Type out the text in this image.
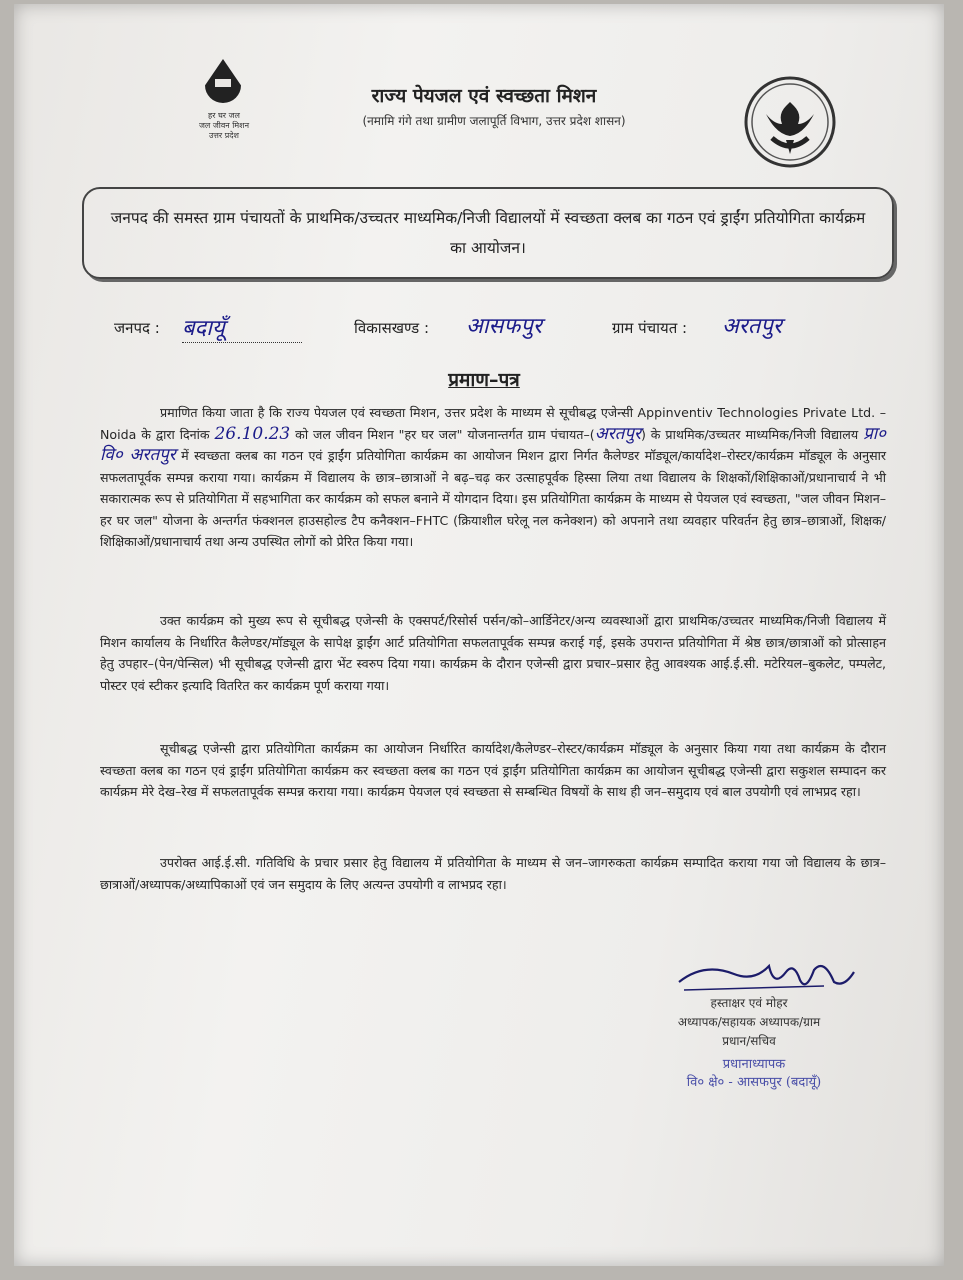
हर घर जल
जल जीवन मिशन
उत्तर प्रदेश
राज्य पेयजल एवं स्वच्छता मिशन
(नमामि गंगे तथा ग्रामीण जलापूर्ति विभाग, उत्तर प्रदेश शासन)
जनपद की समस्त ग्राम पंचायतों के प्राथमिक/उच्चतर माध्यमिक/निजी विद्यालयों में स्वच्छता क्लब का गठन एवं ड्राईंग प्रतियोगिता कार्यक्रम का आयोजन।
जनपद : बदायूँ	विकासखण्ड : आसफपुर	ग्राम पंचायत : अरतपुर
प्रमाण–पत्र
प्रमाणित किया जाता है कि राज्य पेयजल एवं स्वच्छता मिशन, उत्तर प्रदेश के माध्यम से सूचीबद्ध एजेन्सी Appinventiv Technologies Private Ltd. – Noida के द्वारा दिनांक 26.10.23 को जल जीवन मिशन "हर घर जल" योजनान्तर्गत ग्राम पंचायत–(अरतपुर) के प्राथमिक/उच्चतर माध्यमिक/निजी विद्यालय प्रा० वि० अरतपुर में स्वच्छता क्लब का गठन एवं ड्राईंग प्रतियोगिता कार्यक्रम का आयोजन मिशन द्वारा निर्गत कैलेण्डर मॉड्यूल/कार्यादेश–रोस्टर/कार्यक्रम मॉड्यूल के अनुसार सफलतापूर्वक सम्पन्न कराया गया। कार्यक्रम में विद्यालय के छात्र–छात्राओं ने बढ़–चढ़ कर उत्साहपूर्वक हिस्सा लिया तथा विद्यालय के शिक्षकों/शिक्षिकाओं/प्रधानाचार्य ने भी सकारात्मक रूप से प्रतियोगिता में सहभागिता कर कार्यक्रम को सफल बनाने में योगदान दिया। इस प्रतियोगिता कार्यक्रम के माध्यम से पेयजल एवं स्वच्छता, "जल जीवन मिशन–हर घर जल" योजना के अन्तर्गत फंक्शनल हाउसहोल्ड टैप कनैक्शन–FHTC (क्रियाशील घरेलू नल कनेक्शन) को अपनाने तथा व्यवहार परिवर्तन हेतु छात्र–छात्राओं, शिक्षक/शिक्षिकाओं/प्रधानाचार्य तथा अन्य उपस्थित लोगों को प्रेरित किया गया।
उक्त कार्यक्रम को मुख्य रूप से सूचीबद्ध एजेन्सी के एक्सपर्ट/रिसोर्स पर्सन/को–आर्डिनेटर/अन्य व्यवस्थाओं द्वारा प्राथमिक/उच्चतर माध्यमिक/निजी विद्यालय में मिशन कार्यालय के निर्धारित कैलेण्डर/मॉड्यूल के सापेक्ष ड्राईंग आर्ट प्रतियोगिता सफलतापूर्वक सम्पन्न कराई गई, इसके उपरान्त प्रतियोगिता में श्रेष्ठ छात्र/छात्राओं को प्रोत्साहन हेतु उपहार–(पेन/पेन्सिल) भी सूचीबद्ध एजेन्सी द्वारा भेंट स्वरुप दिया गया। कार्यक्रम के दौरान एजेन्सी द्वारा प्रचार–प्रसार हेतु आवश्यक आई.ई.सी. मटेरियल–बुकलेट, पम्पलेट, पोस्टर एवं स्टीकर इत्यादि वितरित कर कार्यक्रम पूर्ण कराया गया।
सूचीबद्ध एजेन्सी द्वारा प्रतियोगिता कार्यक्रम का आयोजन निर्धारित कार्यादेश/कैलेण्डर–रोस्टर/कार्यक्रम मॉड्यूल के अनुसार किया गया तथा कार्यक्रम के दौरान स्वच्छता क्लब का गठन एवं ड्राईंग प्रतियोगिता कार्यक्रम कर स्वच्छता क्लब का गठन एवं ड्राईंग प्रतियोगिता कार्यक्रम का आयोजन सूचीबद्ध एजेन्सी द्वारा सकुशल सम्पादन कर कार्यक्रम मेरे देख–रेख में सफलतापूर्वक सम्पन्न कराया गया। कार्यक्रम पेयजल एवं स्वच्छता से सम्बन्धित विषयों के साथ ही जन–समुदाय एवं बाल उपयोगी एवं लाभप्रद रहा।
उपरोक्त आई.ई.सी. गतिविधि के प्रचार प्रसार हेतु विद्यालय में प्रतियोगिता के माध्यम से जन–जागरुकता कार्यक्रम सम्पादित कराया गया जो विद्यालय के छात्र–छात्राओं/अध्यापक/अध्यापिकाओं एवं जन समुदाय के लिए अत्यन्त उपयोगी व लाभप्रद रहा।
हस्ताक्षर एवं मोहर
अध्यापक/सहायक अध्यापक/ग्राम
प्रधान/सचिव
प्रधानाध्यापक
वि० क्षे० - आसफपुर (बदायूँ)
